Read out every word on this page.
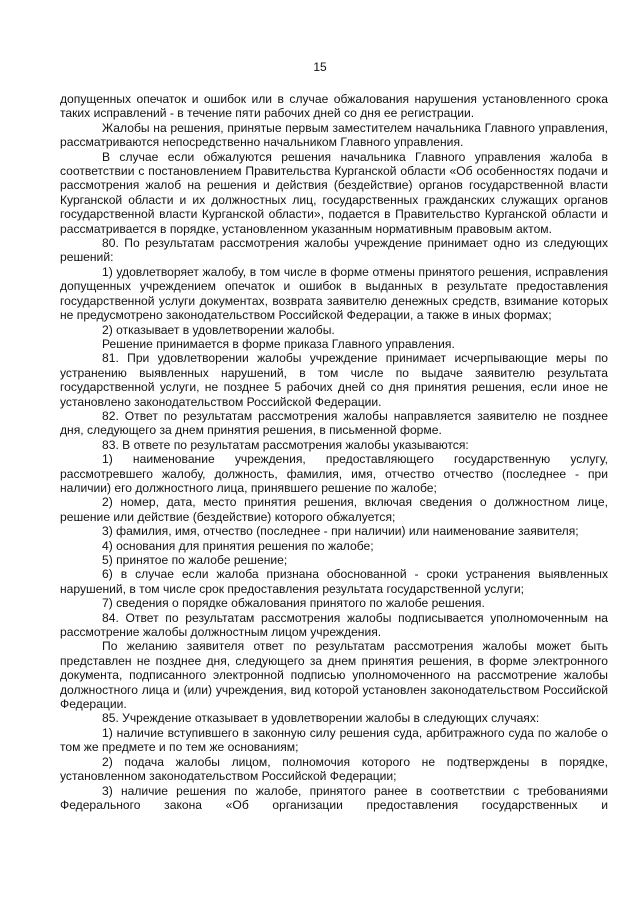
15

допущенных опечаток и ошибок или в случае обжалования нарушения установленного срока таких исправлений - в течение пяти рабочих дней со дня ее регистрации.

Жалобы на решения, принятые первым заместителем начальника Главного управления, рассматриваются непосредственно начальником Главного управления.

В случае если обжалуются решения начальника Главного управления жалоба в соответствии с постановлением Правительства Курганской области «Об особенностях подачи и рассмотрения жалоб на решения и действия (бездействие) органов государственной власти Курганской области и их должностных лиц, государственных гражданских служащих органов государственной власти Курганской области», подается в Правительство Курганской области и рассматривается в порядке, установленном указанным нормативным правовым актом.

80. По результатам рассмотрения жалобы учреждение принимает одно из следующих решений:

1) удовлетворяет жалобу, в том числе в форме отмены принятого решения, исправления допущенных учреждением опечаток и ошибок в выданных в результате предоставления государственной услуги документах, возврата заявителю денежных средств, взимание которых не предусмотрено законодательством Российской Федерации, а также в иных формах;

2) отказывает в удовлетворении жалобы.

Решение принимается в форме приказа Главного управления.

81. При удовлетворении жалобы учреждение принимает исчерпывающие меры по устранению выявленных нарушений, в том числе по выдаче заявителю результата государственной услуги, не позднее 5 рабочих дней со дня принятия решения, если иное не установлено законодательством Российской Федерации.

82. Ответ по результатам рассмотрения жалобы направляется заявителю не позднее дня, следующего за днем принятия решения, в письменной форме.

83. В ответе по результатам рассмотрения жалобы указываются:

1) наименование учреждения, предоставляющего государственную услугу, рассмотревшего жалобу, должность, фамилия, имя, отчество отчество (последнее - при наличии) его должностного лица, принявшего решение по жалобе;

2) номер, дата, место принятия решения, включая сведения о должностном лице, решение или действие (бездействие) которого обжалуется;

3) фамилия, имя, отчество (последнее - при наличии) или наименование заявителя;

4) основания для принятия решения по жалобе;

5) принятое по жалобе решение;

6) в случае если жалоба признана обоснованной - сроки устранения выявленных нарушений, в том числе срок предоставления результата государственной услуги;

7) сведения о порядке обжалования принятого по жалобе решения.

84. Ответ по результатам рассмотрения жалобы подписывается уполномоченным на рассмотрение жалобы должностным лицом учреждения.

По желанию заявителя ответ по результатам рассмотрения жалобы может быть представлен не позднее дня, следующего за днем принятия решения, в форме электронного документа, подписанного электронной подписью уполномоченного на рассмотрение жалобы должностного лица и (или) учреждения, вид которой установлен законодательством Российской Федерации.

85. Учреждение отказывает в удовлетворении жалобы в следующих случаях:

1) наличие вступившего в законную силу решения суда, арбитражного суда по жалобе о том же предмете и по тем же основаниям;

2) подача жалобы лицом, полномочия которого не подтверждены в порядке, установленном законодательством Российской Федерации;

3) наличие решения по жалобе, принятого ранее в соответствии с требованиями Федерального закона «Об организации предоставления государственных и
